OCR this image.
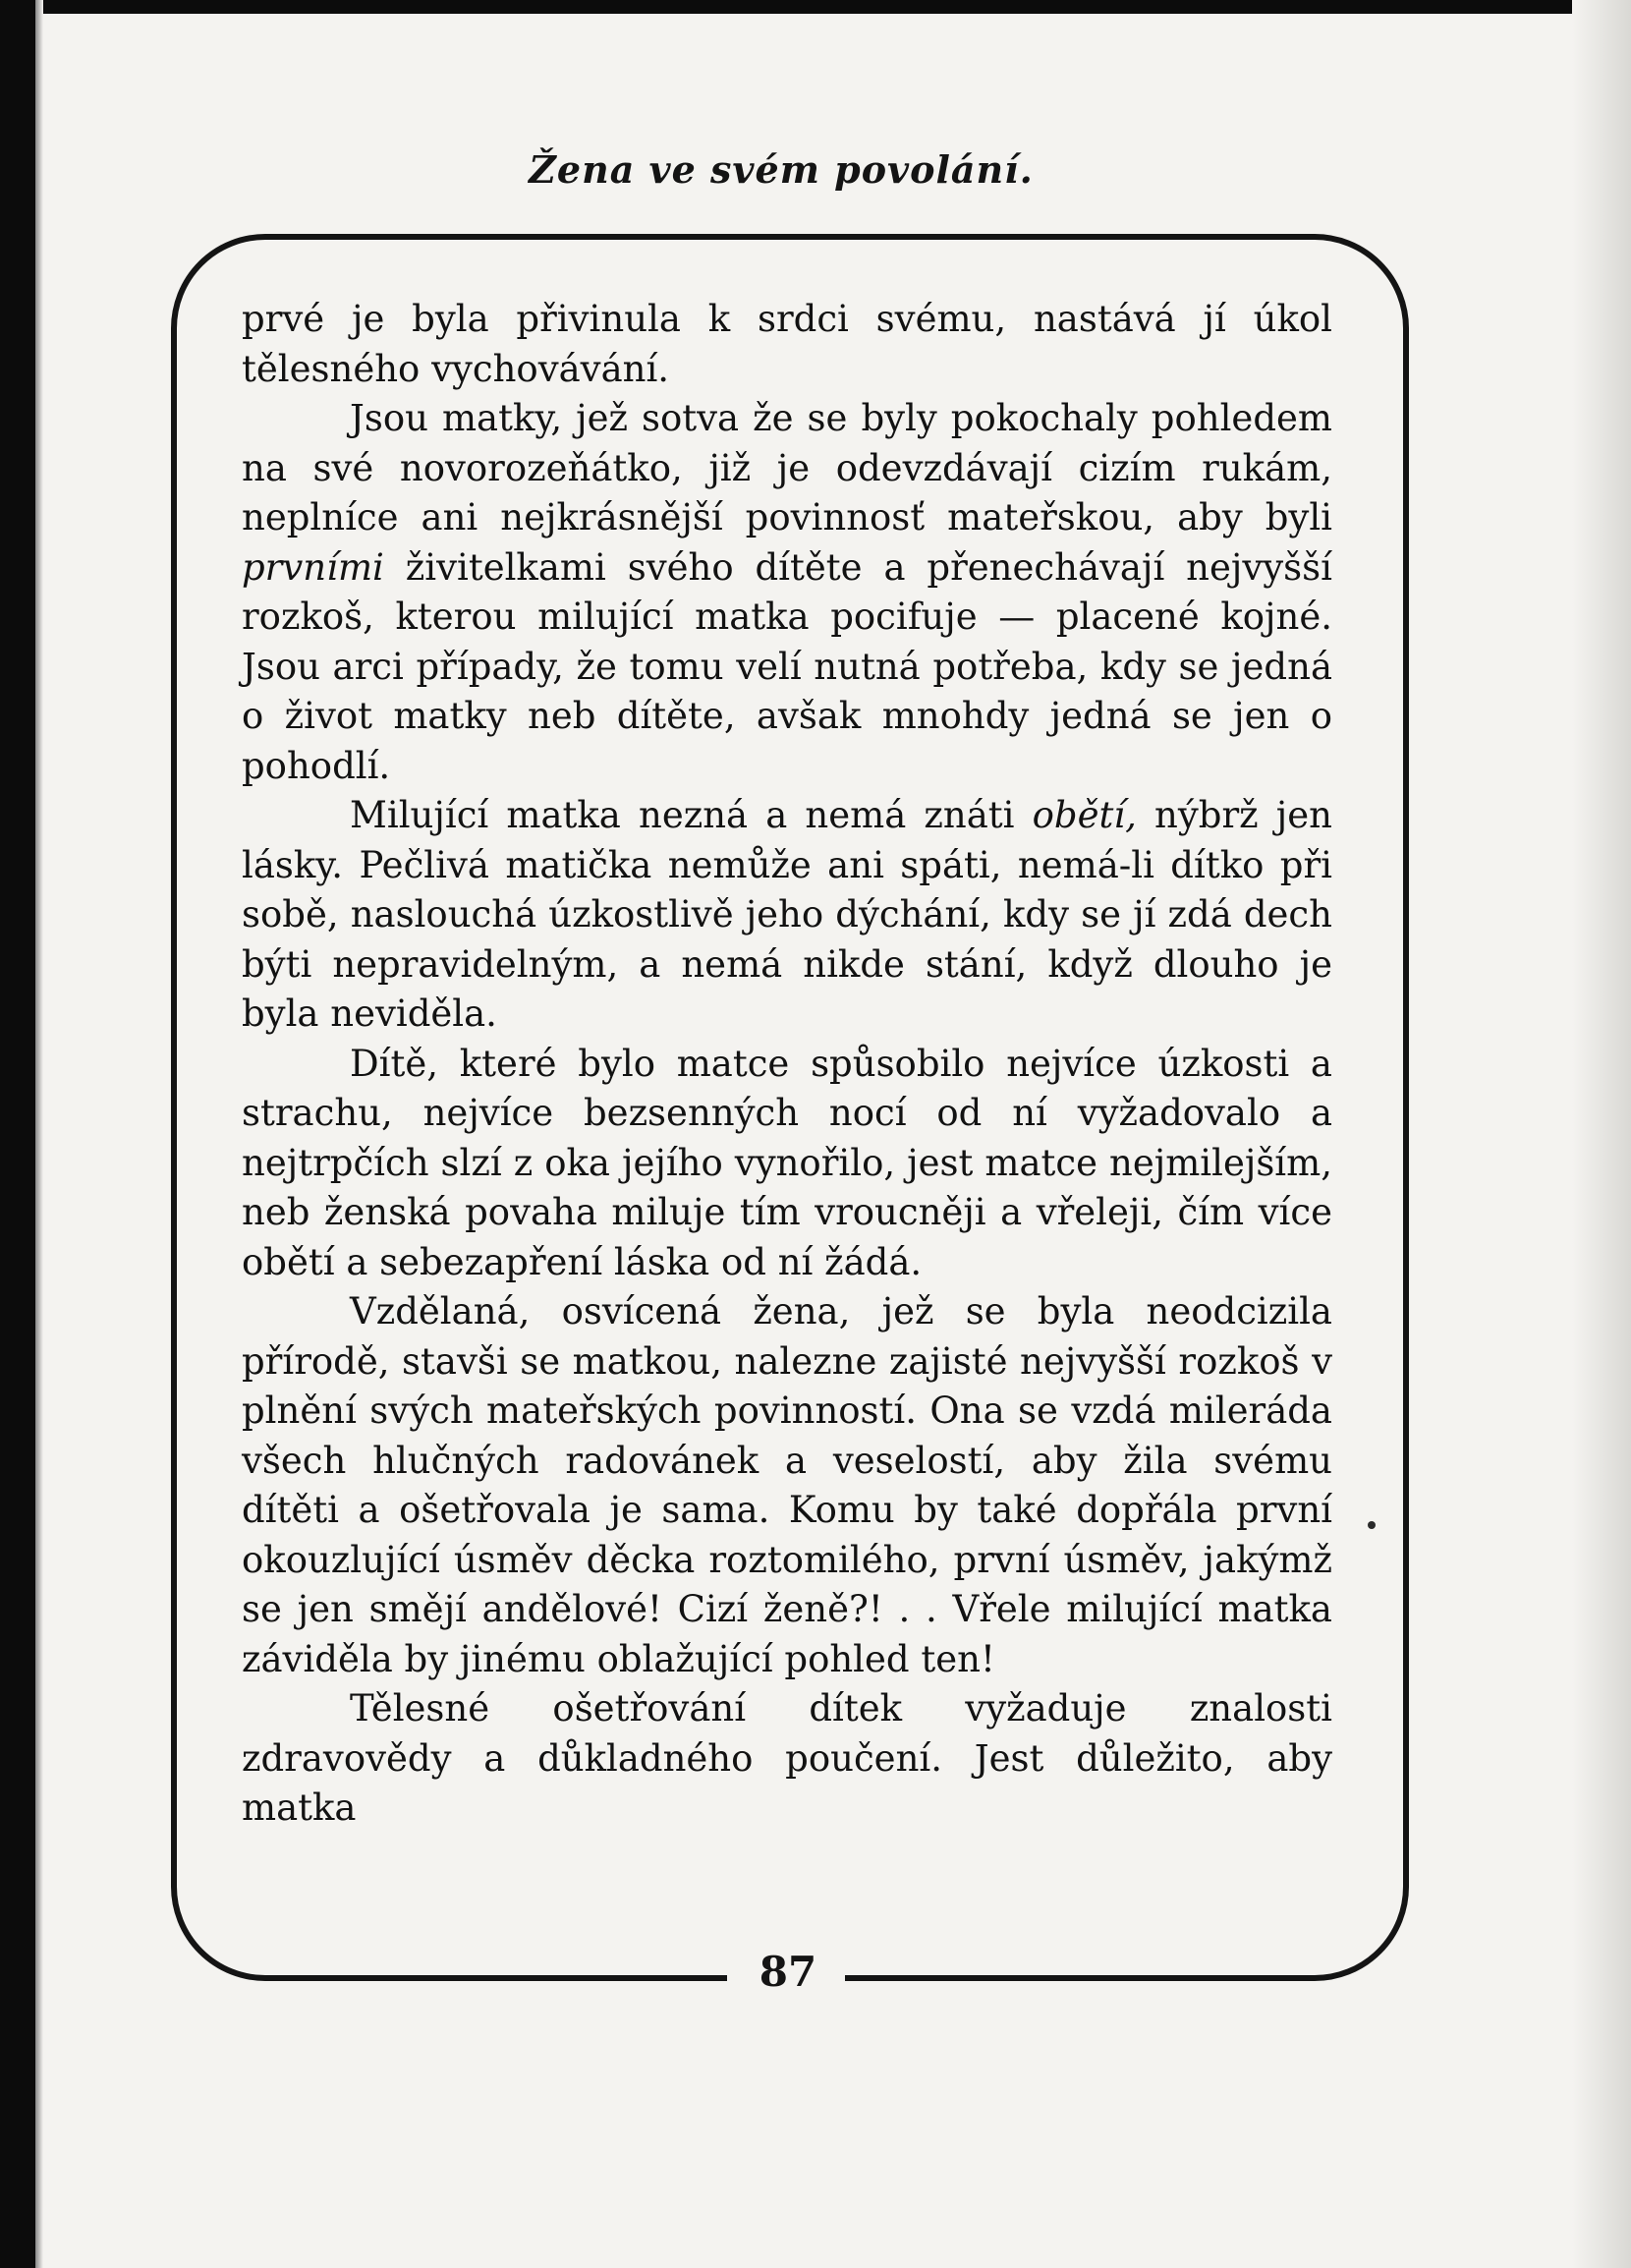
Žena ve svém povolání.

prvé je byla přivinula k srdci svému, nastává jí úkol tělesného vychovávání.

Jsou matky, jež sotva že se byly pokochaly pohledem na své novorozeňátko, již je odevzdávají cizím rukám, neplníce ani nejkrásnější povinnosť mateřskou, aby byli prvními živitelkami svého dítěte a přenechávají nejvyšší rozkoš, kterou milující matka pocifuje — placené kojné. Jsou arci případy, že tomu velí nutná potřeba, kdy se jedná o život matky neb dítěte, avšak mnohdy jedná se jen o pohodlí.

Milující matka nezná a nemá znáti obětí, nýbrž jen lásky. Pečlivá matička nemůže ani spáti, nemá-li dítko při sobě, naslouchá úzkostlivě jeho dýchání, kdy se jí zdá dech býti nepravidelným, a nemá nikde stání, když dlouho je byla neviděla.

Dítě, které bylo matce spůsobilo nejvíce úzkosti a strachu, nejvíce bezsenných nocí od ní vyžadovalo a nejtrpčích slzí z oka jejího vynořilo, jest matce nejmilejším, neb ženská povaha miluje tím vroucněji a vřeleji, čím více obětí a sebezapření láska od ní žádá.

Vzdělaná, osvícená žena, jež se byla neodcizila přírodě, stavši se matkou, nalezne zajisté nejvyšší rozkoš v plnění svých mateřských povinností. Ona se vzdá mileráda všech hlučných radovánek a veselostí, aby žila svému dítěti a ošetřovala je sama. Komu by také dopřála první okouzlující úsměv děcka roztomilého, první úsměv, jakýmž se jen smějí andělové! Cizí ženě?! . . Vřele milující matka záviděla by jinému oblažující pohled ten!

Tělesné ošetřování dítek vyžaduje znalosti zdravovědy a důkladného poučení. Jest důležito, aby matka

87
